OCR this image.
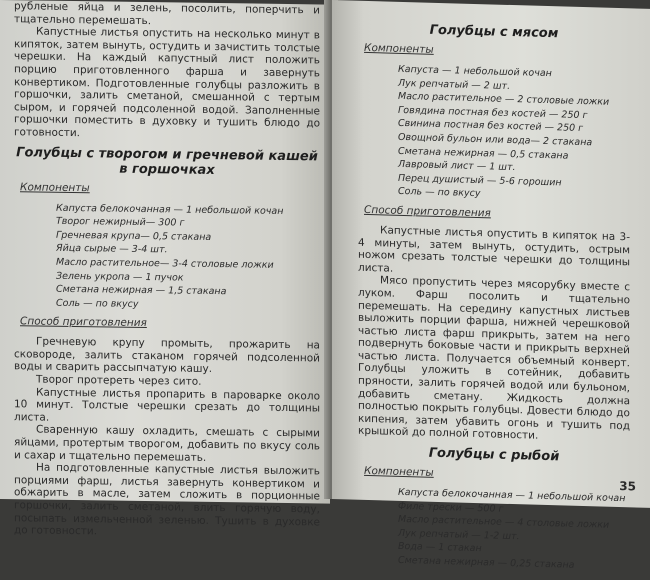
рубленые яйца и зелень, посолить, поперчить и тщательно перемешать.

Капустные листья опустить на несколько минут в кипяток, затем вынуть, остудить и зачистить толстые черешки. На каждый капустный лист положить порцию приготовленного фарша и завернуть конвертиком. Подготовленные голубцы разложить в горшочки, залить сметаной, смешанной с тертым сыром, и горячей подсоленной водой. Заполненные горшочки поместить в духовку и тушить блюдо до готовности.

Голубцы с творогом и гречневой кашей в горшочках
Компоненты
Капуста белокочанная — 1 небольшой кочан
Творог нежирный— 300 г
Гречневая крупа— 0,5 стакана
Яйца сырые — 3-4 шт.
Масло растительное— 3-4 столовые ложки
Зелень укропа — 1 пучок
Сметана нежирная — 1,5 стакана
Соль — по вкусу
Способ приготовления

Гречневую крупу промыть, прожарить на сковороде, залить стаканом горячей подсоленной воды и сварить рассыпчатую кашу.

Творог протереть через сито.

Капустные листья пропарить в пароварке около 10 минут. Толстые черешки срезать до толщины листа.

Сваренную кашу охладить, смешать с сырыми яйцами, протертым творогом, добавить по вкусу соль и сахар и тщательно перемешать.

На подготовленные капустные листья выложить порциями фарш, листья завернуть конвертиком и обжарить в масле, затем сложить в порционные горшочки, залить сметаной, влить горячую воду, посыпать измельченной зеленью. Тушить в духовке до готовности.

Голубцы с мясом
Компоненты
Капуста — 1 небольшой кочан
Лук репчатый — 2 шт.
Масло растительное — 2 столовые ложки
Говядина постная без костей — 250 г
Свинина постная без костей — 250 г
Овощной бульон или вода— 2 стакана
Сметана нежирная — 0,5 стакана
Лавровый лист — 1 шт.
Перец душистый — 5-6 горошин
Соль — по вкусу
Способ приготовления

Капустные листья опустить в кипяток на 3-4 минуты, затем вынуть, остудить, острым ножом срезать толстые черешки до толщины листа.

Мясо пропустить через мясорубку вместе с луком. Фарш посолить и тщательно перемешать. На середину капустных листьев выложить порции фарша, нижней черешковой частью листа фарш прикрыть, затем на него подвернуть боковые части и прикрыть верхней частью листа. Получается объемный конверт. Голубцы уложить в сотейник, добавить пряности, залить горячей водой или бульоном, добавить сметану. Жидкость должна полностью покрыть голубцы. Довести блюдо до кипения, затем убавить огонь и тушить под крышкой до полной готовности.

Голубцы с рыбой
Компоненты
Капуста белокочанная — 1 небольшой кочан
Филе трески — 500 г
Масло растительное — 4 столовые ложки
Лук репчатый — 1-2 шт.
Вода — 1 стакан
Сметана нежирная — 0,25 стакана
35
